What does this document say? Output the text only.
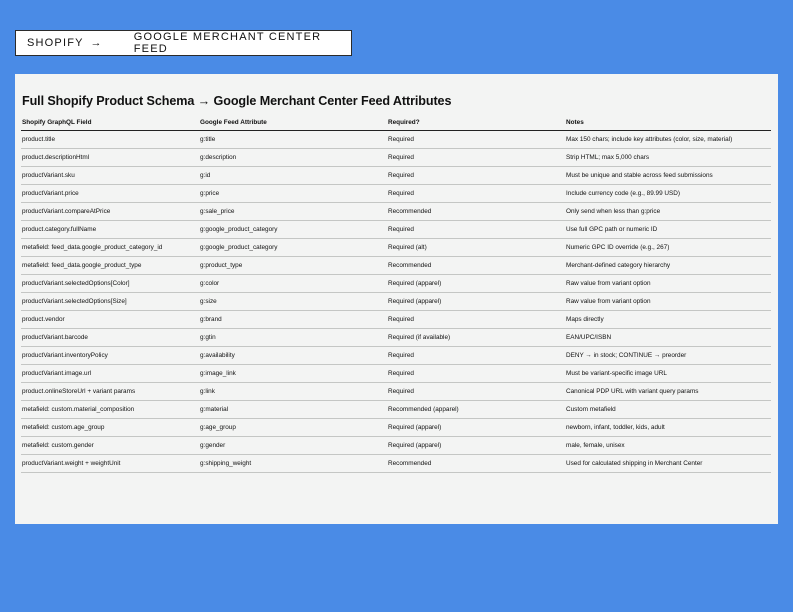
SHOPIFY →	GOOGLE MERCHANT CENTER FEED
Full Shopify Product Schema → Google Merchant Center Feed Attributes
Shopify GraphQL Field	Google Feed Attribute	Required?	Notes
product.title	g:title	Required	Max 150 chars; include key attributes (color, size, material)
product.descriptionHtml	g:description	Required	Strip HTML; max 5,000 chars
productVariant.sku	g:id	Required	Must be unique and stable across feed submissions
productVariant.price	g:price	Required	Include currency code (e.g., 89.99 USD)
productVariant.compareAtPrice	g:sale_price	Recommended	Only send when less than g:price
product.category.fullName	g:google_product_category	Required	Use full GPC path or numeric ID
metafield: feed_data.google_product_category_id	g:google_product_category	Required (alt)	Numeric GPC ID override (e.g., 267)
metafield: feed_data.google_product_type	g:product_type	Recommended	Merchant-defined category hierarchy
productVariant.selectedOptions[Color]	g:color	Required (apparel)	Raw value from variant option
productVariant.selectedOptions[Size]	g:size	Required (apparel)	Raw value from variant option
product.vendor	g:brand	Required	Maps directly
productVariant.barcode	g:gtin	Required (if available)	EAN/UPC/ISBN
productVariant.inventoryPolicy	g:availability	Required	DENY → in stock; CONTINUE → preorder
productVariant.image.url	g:image_link	Required	Must be variant-specific image URL
product.onlineStoreUrl + variant params	g:link	Required	Canonical PDP URL with variant query params
metafield: custom.material_composition	g:material	Recommended (apparel)	Custom metafield
metafield: custom.age_group	g:age_group	Required (apparel)	newborn, infant, toddler, kids, adult
metafield: custom.gender	g:gender	Required (apparel)	male, female, unisex
productVariant.weight + weightUnit	g:shipping_weight	Recommended	Used for calculated shipping in Merchant Center
